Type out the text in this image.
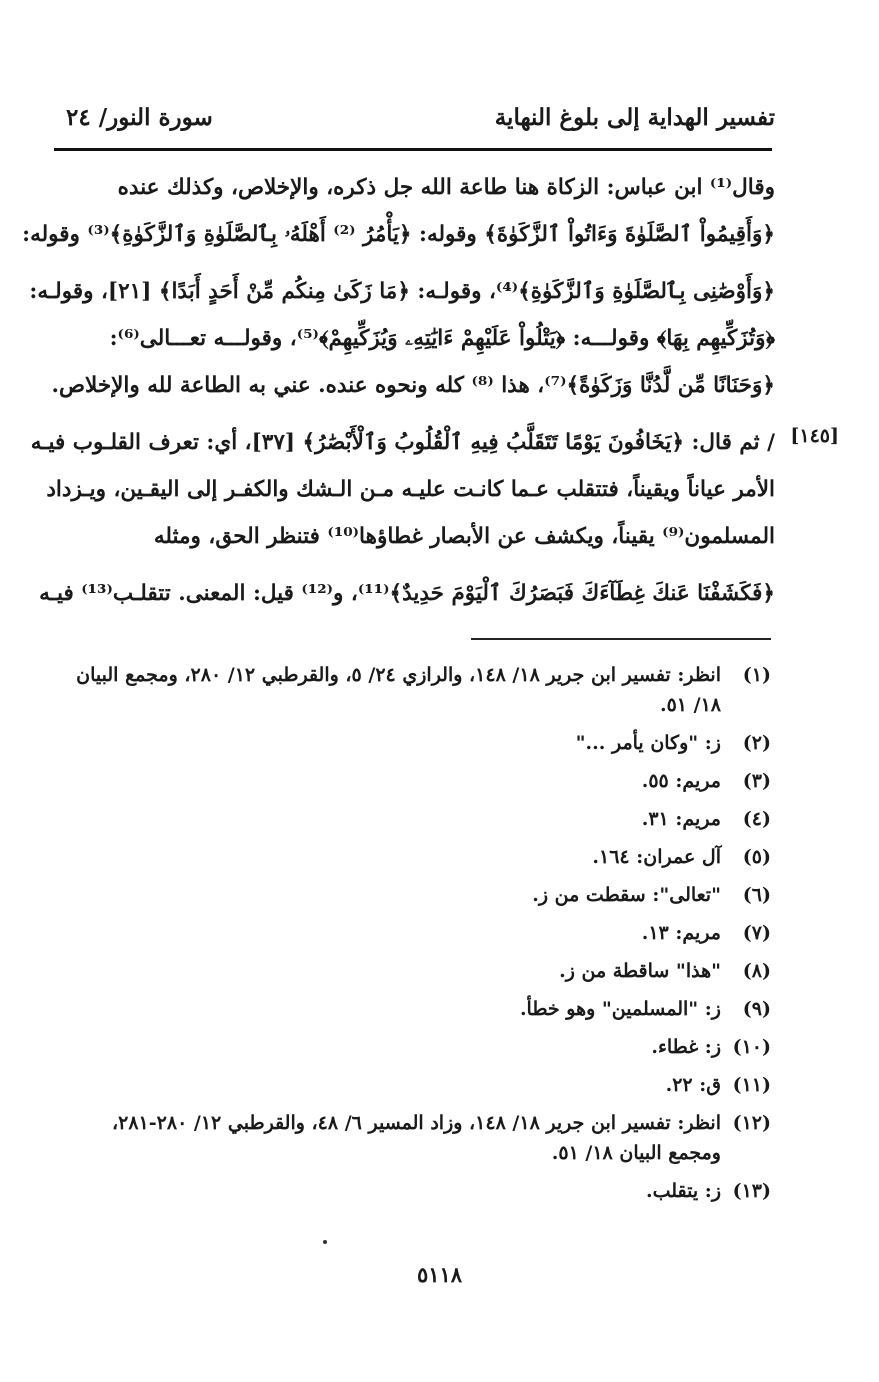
تفسير الهداية إلى بلوغ النهاية
سورة النور/ ٢٤
وقال⁽¹⁾ ابن عباس: الزكاة هنا طاعة الله جل ذكره، والإخلاص، وكذلك عنده
﴿وَأَقِيمُواْ ٱلصَّلَوٰةَ وَءَاتُواْ ٱلزَّكَوٰةَ﴾ وقوله: ﴿يَأْمُرُ ⁽²⁾ أَهْلَهُۥ بِٱلصَّلَوٰةِ وَٱلزَّكَوٰةِ﴾⁽³⁾ وقوله:
﴿وَأَوْصَٰنِى بِٱلصَّلَوٰةِ وَٱلزَّكَوٰةِ﴾⁽⁴⁾، وقولـه: ﴿مَا زَكَىٰ مِنكُم مِّنْ أَحَدٍ أَبَدًا﴾ [٢١]، وقولـه:
﴿وَتُزَكِّيهِم بِهَا﴾ وقولـــه: ﴿يَتْلُواْ عَلَيْهِمْ ءَايَٰتِهِۦ وَيُزَكِّيهِمْ﴾⁽⁵⁾، وقولـــه تعـــالى⁽⁶⁾:
﴿وَحَنَانًا مِّن لَّدُنَّا وَزَكَوٰةً﴾⁽⁷⁾، هذا ⁽⁸⁾ كله ونحوه عنده. عني به الطاعة لله والإخلاص.
/ ثم قال: ﴿يَخَافُونَ يَوْمًا تَتَقَلَّبُ فِيهِ ٱلْقُلُوبُ وَٱلْأَبْصَٰرُ﴾ [٣٧]، أي: تعرف القلـوب فيـه
الأمر عياناً ويقيناً، فتتقلب عـما كانـت عليـه مـن الـشك والكفـر إلى اليقـين، ويـزداد
المسلمون⁽⁹⁾ يقيناً، ويكشف عن الأبصار غطاؤها⁽¹⁰⁾ فتنظر الحق، ومثله
﴿فَكَشَفْنَا عَنكَ غِطَآءَكَ فَبَصَرُكَ ٱلْيَوْمَ حَدِيدٌ﴾⁽¹¹⁾، و⁽¹²⁾ قيل: المعنى. تتقلـب⁽¹³⁾ فيـه
[١٤٥]
(١)
انظر: تفسير ابن جرير ١٨/ ١٤٨، والرازي ٢٤/ ٥، والقرطبي ١٢/ ٢٨٠، ومجمع البيان ١٨/ ٥١.
(٢)
ز: "وكان يأمر ..."
(٣)
مريم: ٥٥.
(٤)
مريم: ٣١.
(٥)
آل عمران: ١٦٤.
(٦)
"تعالى": سقطت من ز.
(٧)
مريم: ١٣.
(٨)
"هذا" ساقطة من ز.
(٩)
ز: "المسلمين" وهو خطأ.
(١٠)
ز: غطاء.
(١١)
ق: ٢٢.
(١٢)
انظر: تفسير ابن جرير ١٨/ ١٤٨، وزاد المسير ٦/ ٤٨، والقرطبي ١٢/ ٢٨٠-٢٨١، ومجمع البيان ١٨/ ٥١.
(١٣)
ز: يتقلب.
٥١١٨
